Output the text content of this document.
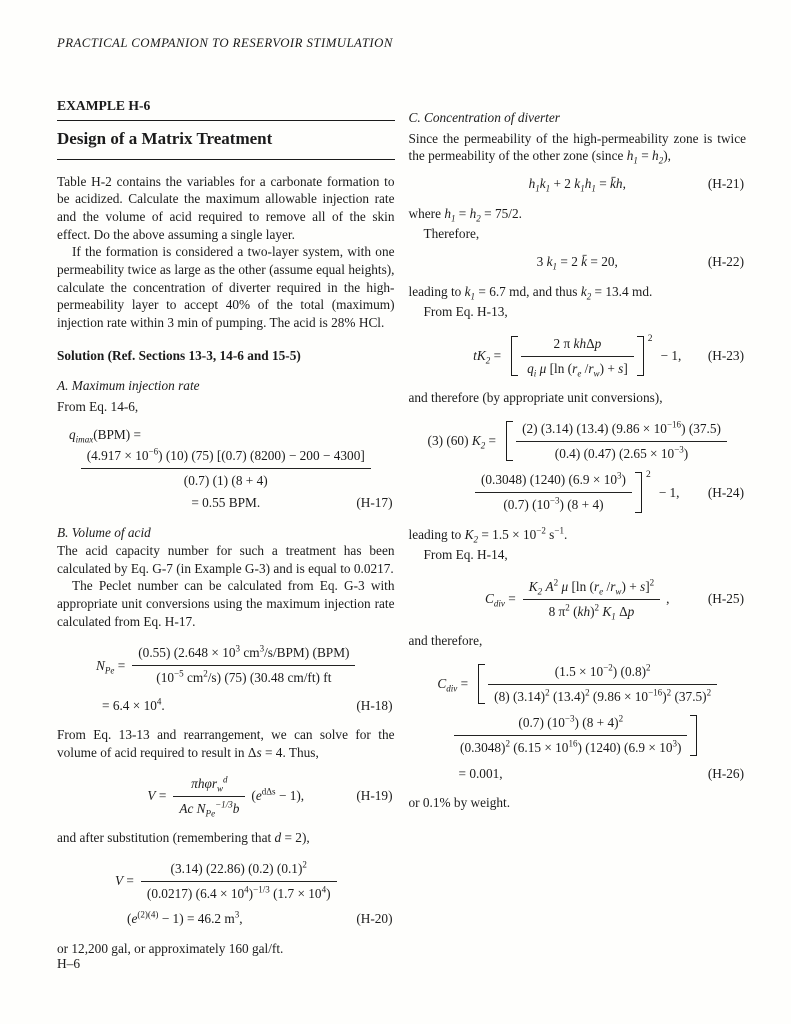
PRACTICAL COMPANION TO RESERVOIR STIMULATION
EXAMPLE H-6
Design of a Matrix Treatment

Table H-2 contains the variables for a carbonate formation to be acidized. Calculate the maximum allowable injection rate and the volume of acid required to remove all of the skin effect. Do the above assuming a single layer.

If the formation is considered a two-layer system, with one permeability twice as large as the other (assume equal heights), calculate the concentration of diverter required in the high-permeability layer to accept 40% of the total (maximum) injection rate within 3 min of pumping. The acid is 28% HCl.

Solution (Ref. Sections 13-3, 14-6 and 15-5)
A. Maximum injection rate
From Eq. 14-6,
$q_{imax}$ (BPM) =
$\frac{(4.917 \times 10^{-6}) (10) (75) [(0.7) (8200) - 200 - 4300]}{(0.7) (1) (8 + 4)}$
= 0.55 BPM.	(H-17)
B. Volume of acid

The acid capacity number for such a treatment has been calculated by Eq. G-7 (in Example G-3) and is equal to 0.0217.

The Peclet number can be calculated from Eq. G-3 with appropriate unit conversions using the maximum injection rate calculated from Eq. H-17.

$N_{Pe} = \frac{(0.55) (2.648 \times 10^3 cm^3/s/BPM) (BPM)}{(10^{-5} cm^2/s) (75) (30.48 cm/ft) ft}$
= $6.4 \times 10^4$.	(H-18)

From Eq. 13-13 and rearrangement, we can solve for the volume of acid required to result in Δs = 4. Thus,

$V = \frac{\pi h\varphi r_w^d}{Ac N_{Pe}^{-1/3}b} (e^{d\Delta s} - 1)$,	(H-19)
and after substitution (remembering that d = 2),
$V = \frac{(3.14) (22.86) (0.2) (0.1)^2}{(0.0217) (6.4 \times 10^4)^{-1/3} (1.7 \times 10^4)}$
$(e^{(2)(4)} - 1) = 46.2$ $m^3$,	(H-20)
or 12,200 gal, or approximately 160 gal/ft.
C. Concentration of diverter

Since the permeability of the high-permeability zone is twice the permeability of the other zone (since $h_1 = h_2$),

$h_1k_1 + 2$ $k_1h_1$ = k̄h,	(H-21)
where $h_1 = h_2 = 75/2$.
Therefore,
3 $k_1 = 2$ k̄ = 20,	(H-22)
leading to $k_1 = 6.7$ md, and thus $k_2 = 13.4$ md.
From Eq. H-13,
$tK_2 = \frac{\text{2 π khΔp}}{q_i \mu [\ln (r_e /r_w) + s]} 2$
− 1, (H-23)
and therefore (by appropriate unit conversions),
(3) (60) $K_2 = \frac{(2) (3.14) (13.4) (9.86 \times 10^{-16}) (37.5)}{(0.4) (0.47) (2.65 \times 10^{-3})}$
$\frac{(0.3048) (1240) (6.9 \times 10^3)}{(0.7) (10^{-3}) (8 + 4)} 2$
− 1, (H-24)
leading to $K_2 = 1.5 \times 10^{-2}$ $s^{-1}$.
From Eq. H-14,
$C_{div} = \frac{K_2 A^2 \mu [\ln (r_e /r_w) + s]^2}{8 \pi^2 (kh)^2 K_1 \Delta p}$ ,	(H-25)
and therefore,
$C_{div} = \frac{(1.5 \times 10^{-2}) (0.8)^2}{(8) (3.14)^2 (13.4)^2 (9.86 \times 10^{-16})^2 (37.5)^2}$
$\frac{(0.7) (10^{-3}) (8 + 4)^2}{(0.3048)^2 (6.15 \times 10^{16}) (1240) (6.9 \times 10^3)}$
= 0.001,	(H-26)
or 0.1% by weight.
H–6
